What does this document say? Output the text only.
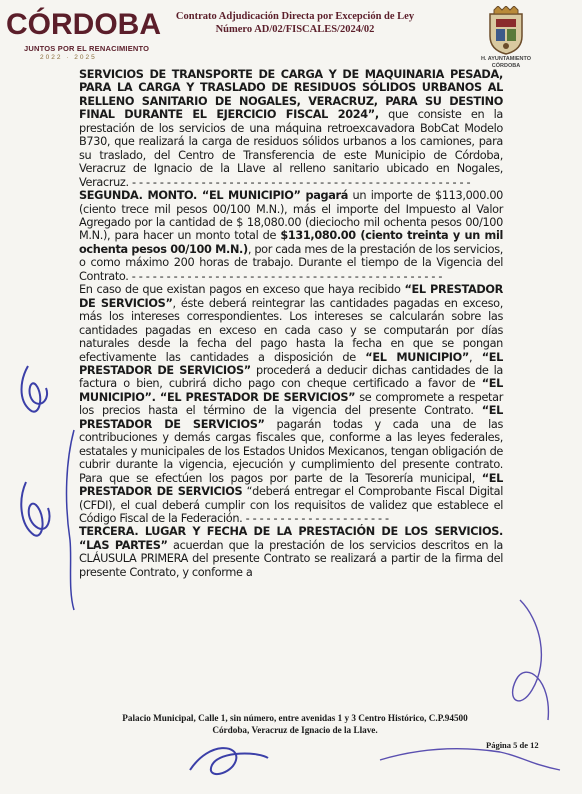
CÓRDOBA
JUNTOS POR EL RENACIMIENTO
2022 · 2025
Contrato Adjudicación Directa por Excepción de Ley
Número AD/02/FISCALES/2024/02
H. AYUNTAMIENTO
CÓRDOBA

SERVICIOS DE TRANSPORTE DE CARGA Y DE MAQUINARIA PESADA, PARA LA CARGA Y TRASLADO DE RESIDUOS SÓLIDOS URBANOS AL RELLENO SANITARIO DE NOGALES, VERACRUZ, PARA SU DESTINO FINAL DURANTE EL EJERCICIO FISCAL 2024”, que consiste en la prestación de los servicios de una máquina retroexcavadora BobCat Modelo B730, que realizará la carga de residuos sólidos urbanos a los camiones, para su traslado, del Centro de Transferencia de este Municipio de Córdoba, Veracruz de Ignacio de la Llave al relleno sanitario ubicado en Nogales, Veracruz. - - - - - - - - - - - - - - - - - - - - - - - - - - - - - - - - - - - - - - - - - - - - - - - - -

SEGUNDA. MONTO. “EL MUNICIPIO” pagará un importe de $113,000.00 (ciento trece mil pesos 00/100 M.N.), más el importe del Impuesto al Valor Agregado por la cantidad de $ 18,080.00 (dieciocho mil ochenta pesos 00/100 M.N.), para hacer un monto total de $131,080.00 (ciento treinta y un mil ochenta pesos 00/100 M.N.), por cada mes de la prestación de los servicios, o como máximo 200 horas de trabajo. Durante el tiempo de la Vigencia del Contrato. - - - - - - - - - - - - - - - - - - - - - - - - - - - - - - - - - - - - - - - - - - - - -

En caso de que existan pagos en exceso que haya recibido “EL PRESTADOR DE SERVICIOS”, éste deberá reintegrar las cantidades pagadas en exceso, más los intereses correspondientes. Los intereses se calcularán sobre las cantidades pagadas en exceso en cada caso y se computarán por días naturales desde la fecha del pago hasta la fecha en que se pongan efectivamente las cantidades a disposición de “EL MUNICIPIO”, “EL PRESTADOR DE SERVICIOS” procederá a deducir dichas cantidades de la factura o bien, cubrirá dicho pago con cheque certificado a favor de “EL MUNICIPIO”. “EL PRESTADOR DE SERVICIOS” se compromete a respetar los precios hasta el término de la vigencia del presente Contrato. “EL PRESTADOR DE SERVICIOS” pagarán todas y cada una de las contribuciones y demás cargas fiscales que, conforme a las leyes federales, estatales y municipales de los Estados Unidos Mexicanos, tengan obligación de cubrir durante la vigencia, ejecución y cumplimiento del presente contrato. Para que se efectúen los pagos por parte de la Tesorería municipal, “EL PRESTADOR DE SERVICIOS “deberá entregar el Comprobante Fiscal Digital (CFDI), el cual deberá cumplir con los requisitos de validez que establece el Código Fiscal de la Federación. - - - - - - - - - - - - - - - - - - - - -

TERCERA. LUGAR Y FECHA DE LA PRESTACIÓN DE LOS SERVICIOS. “LAS PARTES” acuerdan que la prestación de los servicios descritos en la CLÁUSULA PRIMERA del presente Contrato se realizará a partir de la firma del presente Contrato, y conforme a

Palacio Municipal, Calle 1, sin número, entre avenidas 1 y 3 Centro Histórico, C.P.94500
Córdoba, Veracruz de Ignacio de la Llave.
Página 5 de 12
